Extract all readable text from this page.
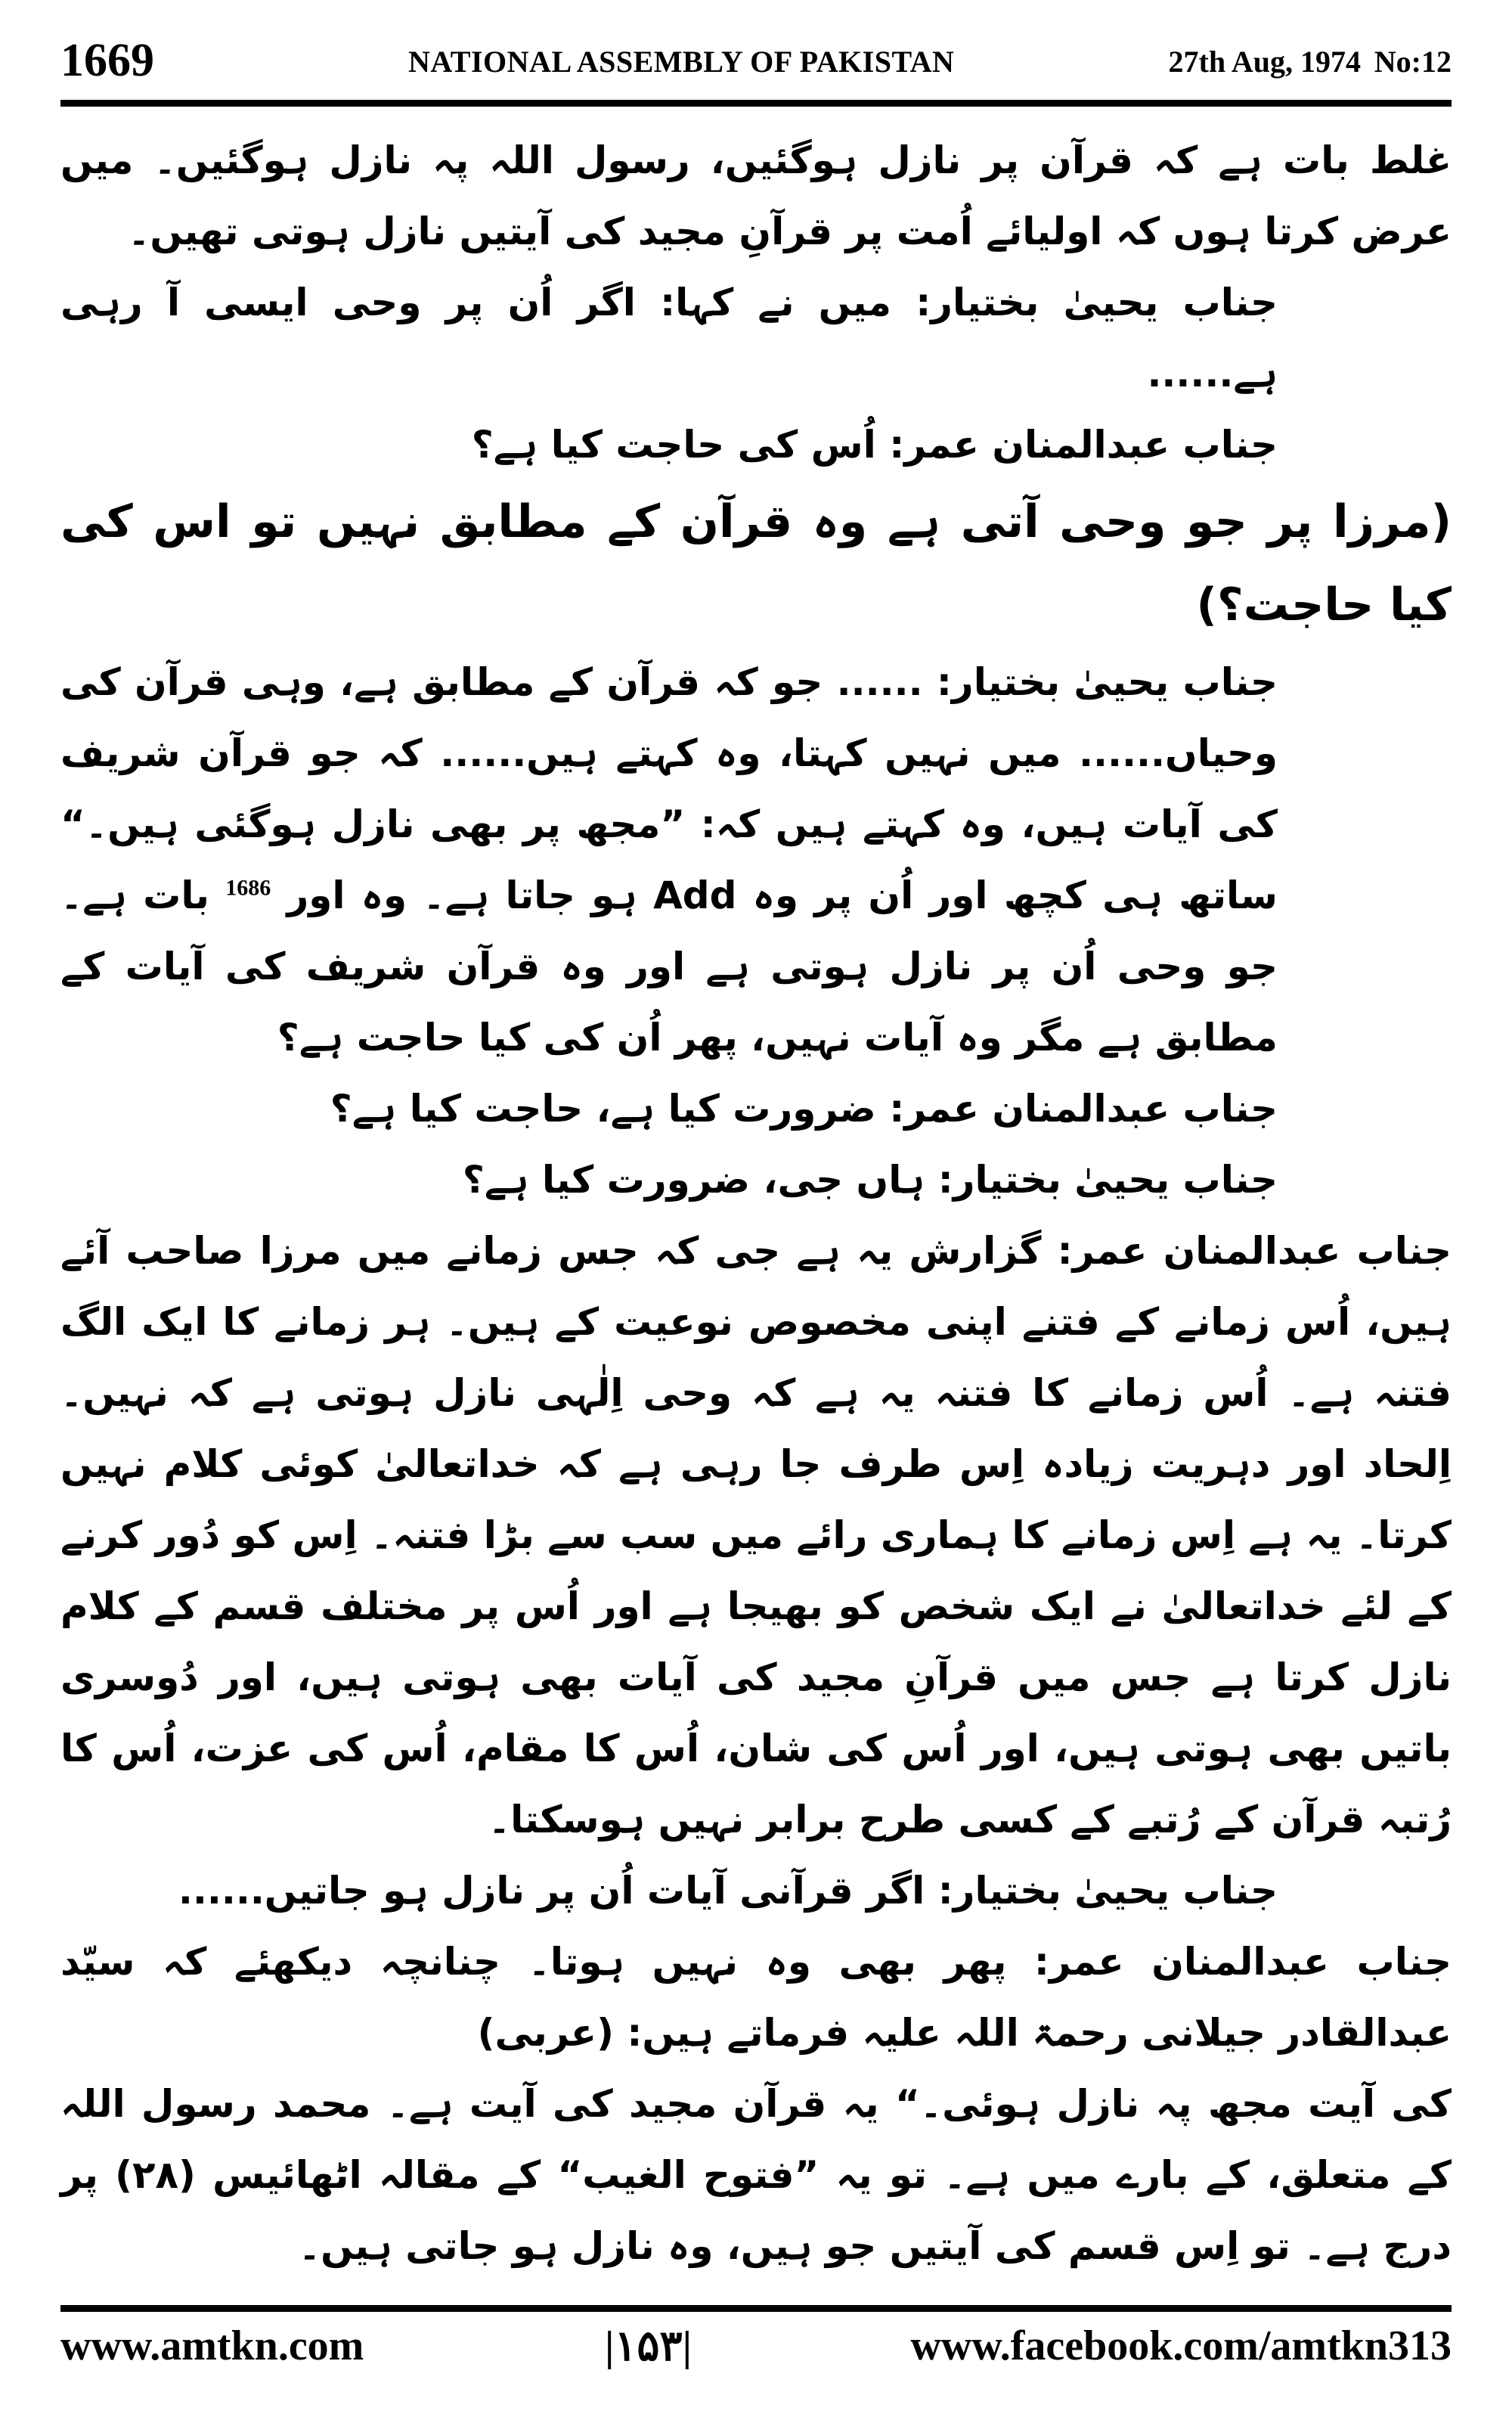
1669	NATIONAL ASSEMBLY OF PAKISTAN	27th Aug, 1974 No:12

غلط بات ہے کہ قرآن پر نازل ہوگئیں، رسول اللہ پہ نازل ہوگئیں۔ میں عرض کرتا ہوں کہ اولیائے اُمت پر قرآنِ مجید کی آیتیں نازل ہوتی تھیں۔

جناب یحییٰ بختیار: میں نے کہا: اگر اُن پر وحی ایسی آ رہی ہے......

جناب عبدالمنان عمر: اُس کی حاجت کیا ہے؟

(مرزا پر جو وحی آتی ہے وہ قرآن کے مطابق نہیں تو اس کی کیا حاجت؟)

جناب یحییٰ بختیار: ...... جو کہ قرآن کے مطابق ہے، وہی قرآن کی وحیاں...... میں نہیں کہتا، وہ کہتے ہیں...... کہ جو قرآن شریف کی آیات ہیں، وہ کہتے ہیں کہ: ”مجھ پر بھی نازل ہوگئی ہیں۔“ ساتھ ہی کچھ اور اُن پر وہ Add ہو جاتا ہے۔ وہ اور $^{1686}$ بات ہے۔ جو وحی اُن پر نازل ہوتی ہے اور وہ قرآن شریف کی آیات کے مطابق ہے مگر وہ آیات نہیں، پھر اُن کی کیا حاجت ہے؟

جناب عبدالمنان عمر: ضرورت کیا ہے، حاجت کیا ہے؟

جناب یحییٰ بختیار: ہاں جی، ضرورت کیا ہے؟

جناب عبدالمنان عمر: گزارش یہ ہے جی کہ جس زمانے میں مرزا صاحب آئے ہیں، اُس زمانے کے فتنے اپنی مخصوص نوعیت کے ہیں۔ ہر زمانے کا ایک الگ فتنہ ہے۔ اُس زمانے کا فتنہ یہ ہے کہ وحی اِلٰہی نازل ہوتی ہے کہ نہیں۔ اِلحاد اور دہریت زیادہ اِس طرف جا رہی ہے کہ خداتعالیٰ کوئی کلام نہیں کرتا۔ یہ ہے اِس زمانے کا ہماری رائے میں سب سے بڑا فتنہ۔ اِس کو دُور کرنے کے لئے خداتعالیٰ نے ایک شخص کو بھیجا ہے اور اُس پر مختلف قسم کے کلام نازل کرتا ہے جس میں قرآنِ مجید کی آیات بھی ہوتی ہیں، اور دُوسری باتیں بھی ہوتی ہیں، اور اُس کی شان، اُس کا مقام، اُس کی عزت، اُس کا رُتبہ قرآن کے رُتبے کے کسی طرح برابر نہیں ہوسکتا۔

جناب یحییٰ بختیار: اگر قرآنی آیات اُن پر نازل ہو جاتیں......

جناب عبدالمنان عمر: پھر بھی وہ نہیں ہوتا۔ چنانچہ دیکھئے کہ سیّد عبدالقادر جیلانی رحمۃ اللہ علیہ فرماتے ہیں: (عربی)

کی آیت مجھ پہ نازل ہوئی۔“ یہ قرآن مجید کی آیت ہے۔ محمد رسول اللہ کے متعلق، کے بارے میں ہے۔ تو یہ ”فتوح الغیب“ کے مقالہ اٹھائیس (۲۸) پر درج ہے۔ تو اِس قسم کی آیتیں جو ہیں، وہ نازل ہو جاتی ہیں۔

www.amtkn.com	|۱۵۳|	www.facebook.com/amtkn313
